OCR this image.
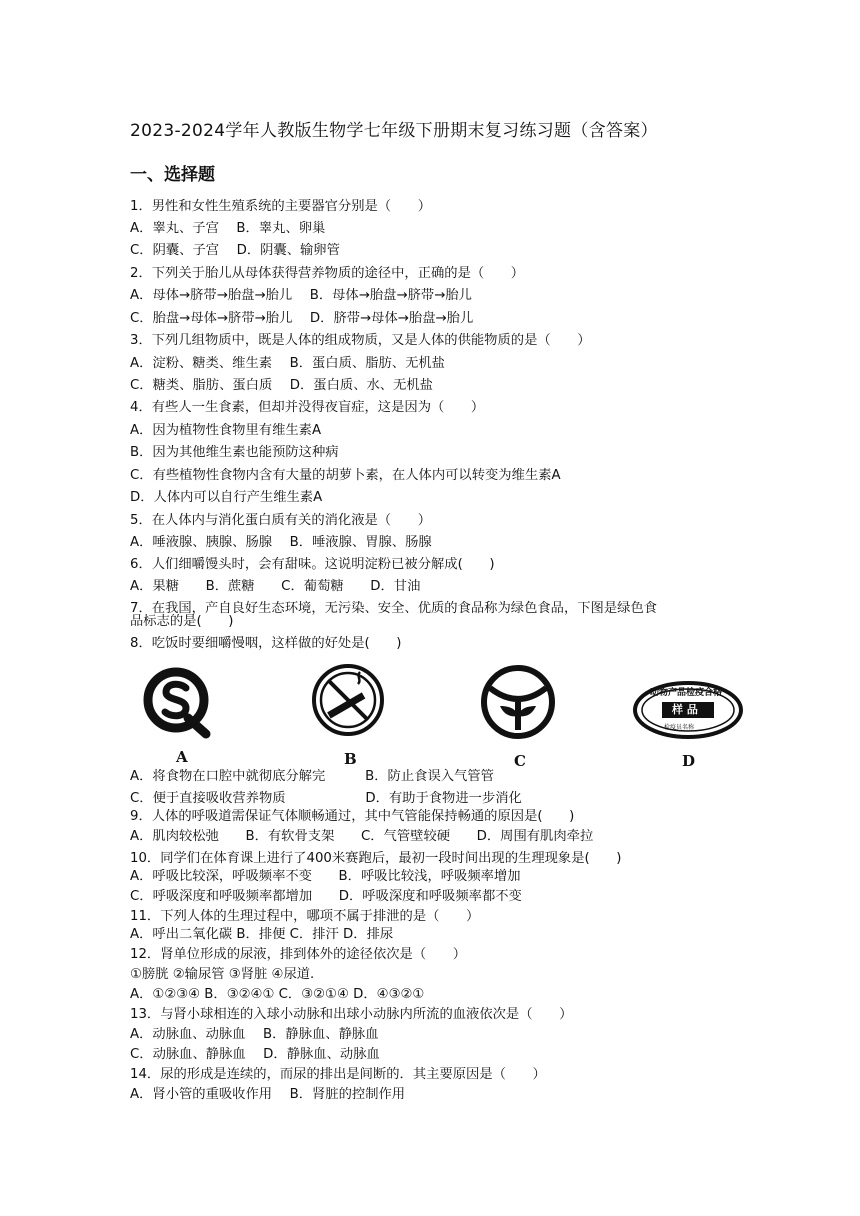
2023-2024学年人教版生物学七年级下册期末复习练习题（含答案）
一、选择题
1．男性和女性生殖系统的主要器官分别是（　　）
A．睾丸、子宫　 B．睾丸、卵巢
C．阴囊、子宫　 D．阴囊、输卵管
2．下列关于胎儿从母体获得营养物质的途径中，正确的是（　　）
A．母体→脐带→胎盘→胎儿　 B．母体→胎盘→脐带→胎儿
C．胎盘→母体→脐带→胎儿　 D．脐带→母体→胎盘→胎儿
3．下列几组物质中，既是人体的组成物质，又是人体的供能物质的是（　　）
A．淀粉、糖类、维生素　 B．蛋白质、脂肪、无机盐
C．糖类、脂肪、蛋白质　 D．蛋白质、水、无机盐
4．有些人一生食素，但却并没得夜盲症，这是因为（　　）
A．因为植物性食物里有维生素A
B．因为其他维生素也能预防这种病
C．有些植物性食物内含有大量的胡萝卜素，在人体内可以转变为维生素A
D．人体内可以自行产生维生素A
5．在人体内与消化蛋白质有关的消化液是（　　）
A．唾液腺、胰腺、肠腺　 B．唾液腺、胃腺、肠腺
6．人们细嚼馒头时，会有甜味。这说明淀粉已被分解成(　　)
A．果糖　　B．蔗糖　　C．葡萄糖　　D．甘油
7．在我国，产自良好生态环境，无污染、安全、优质的食品称为绿色食品，下图是绿色食
品标志的是(　　)
8．吃饭时要细嚼慢咽，这样做的好处是(　　)
A	B	C
动物产品检疫合格
样 品
检疫员名称
D
A．将食物在口腔中就彻底分解完　　　B．防止食误入气管管
C．便于直接吸收营养物质　　　　　　D．有助于食物进一步消化
9．人体的呼吸道需保证气体顺畅通过，其中气管能保持畅通的原因是(　　)
A．肌肉较松弛　　B．有软骨支架　　C．气管壁较硬　　D．周围有肌肉牵拉
10．同学们在体育课上进行了400米赛跑后，最初一段时间出现的生理现象是(　　)
A．呼吸比较深，呼吸频率不变　　B．呼吸比较浅，呼吸频率增加
C．呼吸深度和呼吸频率都增加　　D．呼吸深度和呼吸频率都不变
11．下列人体的生理过程中，哪项不属于排泄的是（　　）
A．呼出二氧化碳 B．排便 C．排汗 D．排尿
12．肾单位形成的尿液，排到体外的途径依次是（　　）
①膀胱 ②输尿管 ③肾脏 ④尿道.
A．①②③④ B．③②④① C．③②①④ D．④③②①
13．与肾小球相连的入球小动脉和出球小动脉内所流的血液依次是（　　）
A．动脉血、动脉血　 B．静脉血、静脉血
C．动脉血、静脉血　 D．静脉血、动脉血
14．尿的形成是连续的，而尿的排出是间断的．其主要原因是（　　）
A．肾小管的重吸收作用　 B．肾脏的控制作用
